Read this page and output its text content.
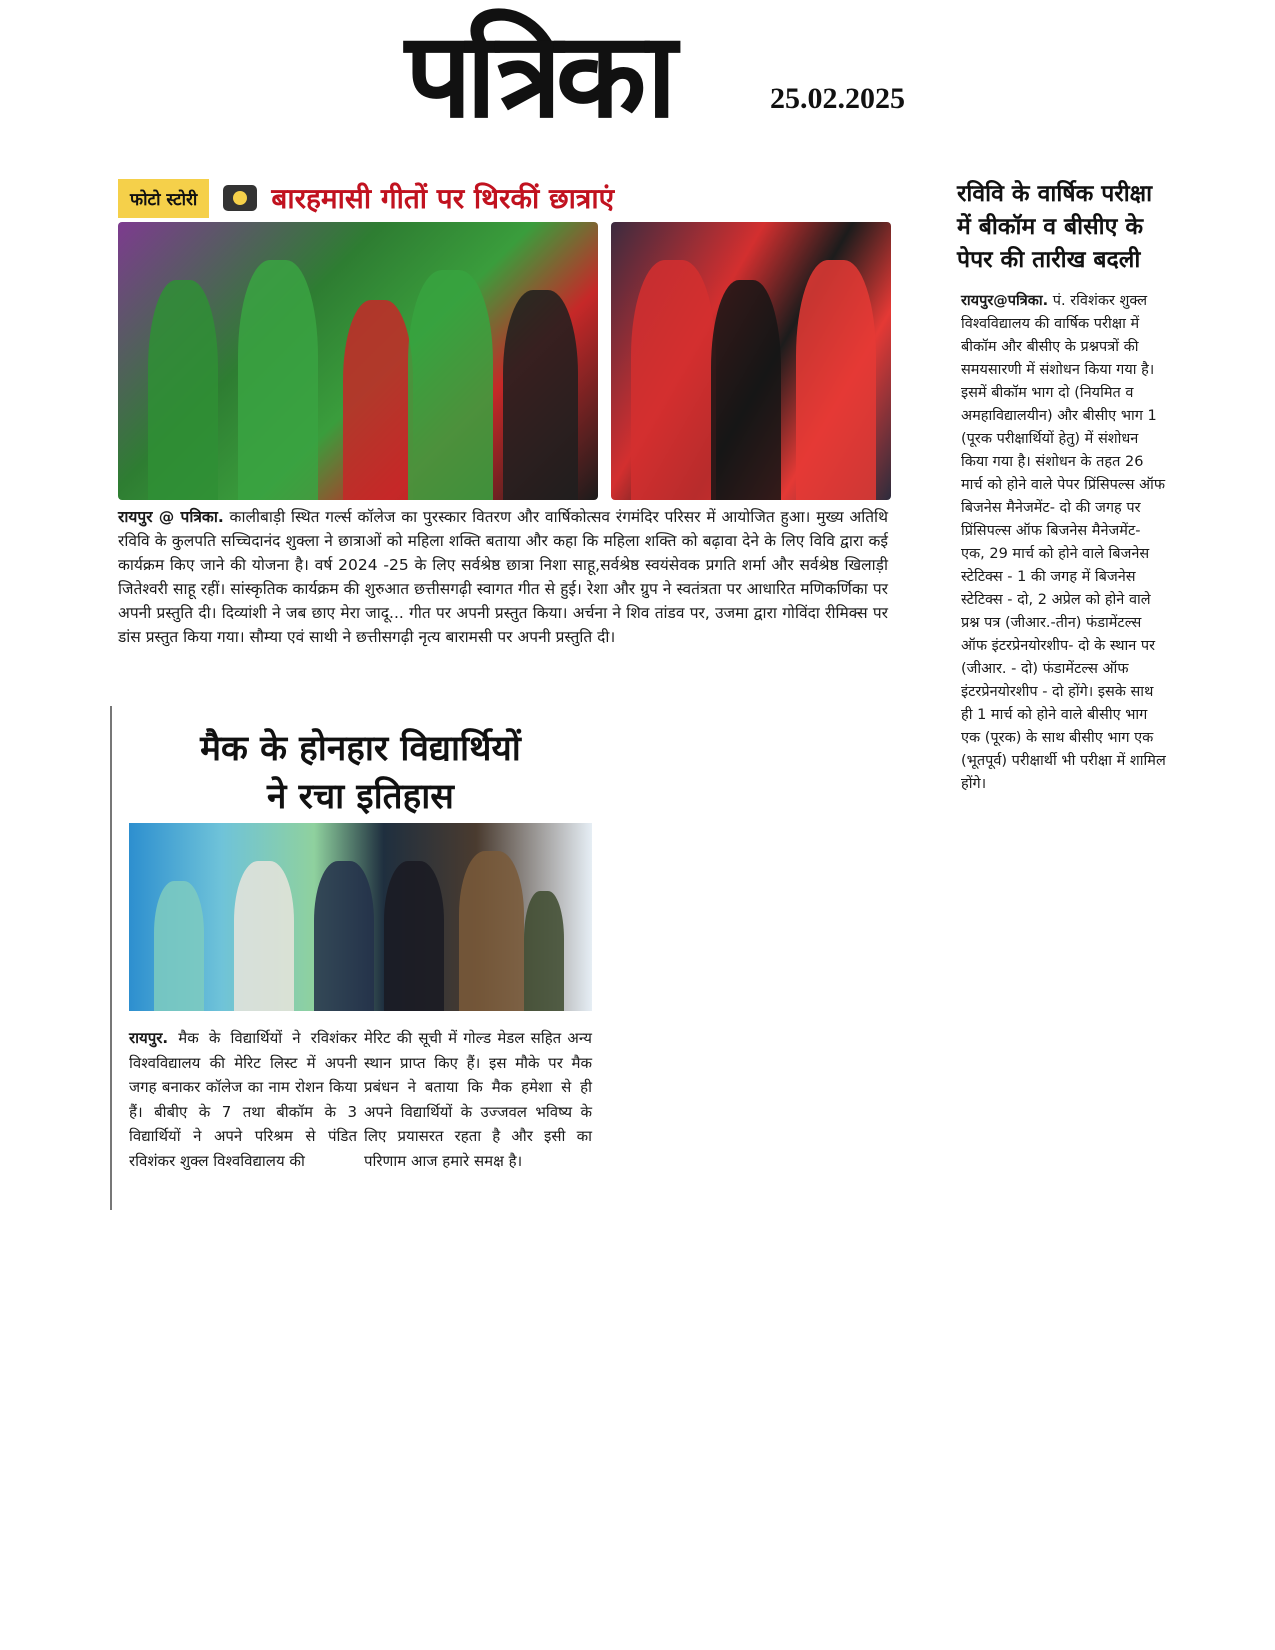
पत्रिका	25.02.2025
फोटो स्टोरी	बारहमासी गीतों पर थिरकीं छात्राएं
रायपुर @ पत्रिका. कालीबाड़ी स्थित गर्ल्स कॉलेज का पुरस्कार वितरण और वार्षिकोत्सव रंगमंदिर परिसर में आयोजित हुआ। मुख्य अतिथि रविवि के कुलपति सच्चिदानंद शुक्ला ने छात्राओं को महिला शक्ति बताया और कहा कि महिला शक्ति को बढ़ावा देने के लिए विवि द्वारा कई कार्यक्रम किए जाने की योजना है। वर्ष 2024 -25 के लिए सर्वश्रेष्ठ छात्रा निशा साहू,सर्वश्रेष्ठ स्वयंसेवक प्रगति शर्मा और सर्वश्रेष्ठ खिलाड़ी जितेश्वरी साहू रहीं। सांस्कृतिक कार्यक्रम की शुरुआत छत्तीसगढ़ी स्वागत गीत से हुई। रेशा और ग्रुप ने स्वतंत्रता पर आधारित मणिकर्णिका पर अपनी प्रस्तुति दी। दिव्यांशी ने जब छाए मेरा जादू... गीत पर अपनी प्रस्तुत किया। अर्चना ने शिव तांडव पर, उजमा द्वारा गोविंदा रीमिक्स पर डांस प्रस्तुत किया गया। सौम्या एवं साथी ने छत्तीसगढ़ी नृत्य बारामसी पर अपनी प्रस्तुति दी।
मैक के होनहार विद्यार्थियों
ने रचा इतिहास
रायपुर. मैक के विद्यार्थियों ने रविशंकर विश्वविद्यालय की मेरिट लिस्ट में अपनी जगह बनाकर कॉलेज का नाम रोशन किया हैं। बीबीए के 7 तथा बीकॉम के 3 विद्यार्थियों ने अपने परिश्रम से पंडित रविशंकर शुक्ल विश्वविद्यालय की
मेरिट की सूची में गोल्ड मेडल सहित अन्य स्थान प्राप्त किए हैं। इस मौके पर मैक प्रबंधन ने बताया कि मैक हमेशा से ही अपने विद्यार्थियों के उज्जवल भविष्य के लिए प्रयासरत रहता है और इसी का परिणाम आज हमारे समक्ष है।
रविवि के वार्षिक परीक्षा में बीकॉम व बीसीए के पेपर की तारीख बदली
रायपुर@पत्रिका. पं. रविशंकर शुक्ल विश्वविद्यालय की वार्षिक परीक्षा में बीकॉम और बीसीए के प्रश्नपत्रों की समयसारणी में संशोधन किया गया है। इसमें बीकॉम भाग दो (नियमित व अमहाविद्यालयीन) और बीसीए भाग 1 (पूरक परीक्षार्थियों हेतु) में संशोधन किया गया है। संशोधन के तहत 26 मार्च को होने वाले पेपर प्रिंसिपल्स ऑफ बिजनेस मैनेजमेंट- दो की जगह पर प्रिंसिपल्स ऑफ बिजनेस मैनेजमेंट- एक, 29 मार्च को होने वाले बिजनेस स्टेटिक्स - 1 की जगह में बिजनेस स्टेटिक्स - दो, 2 अप्रेल को होने वाले प्रश्न पत्र (जीआर.-तीन) फंडामेंटल्स ऑफ इंटरप्रेनयोरशीप- दो के स्थान पर (जीआर. - दो) फंडामेंटल्स ऑफ इंटरप्रेनयोरशीप - दो होंगे। इसके साथ ही 1 मार्च को होने वाले बीसीए भाग एक (पूरक) के साथ बीसीए भाग एक (भूतपूर्व) परीक्षार्थी भी परीक्षा में शामिल होंगे।
